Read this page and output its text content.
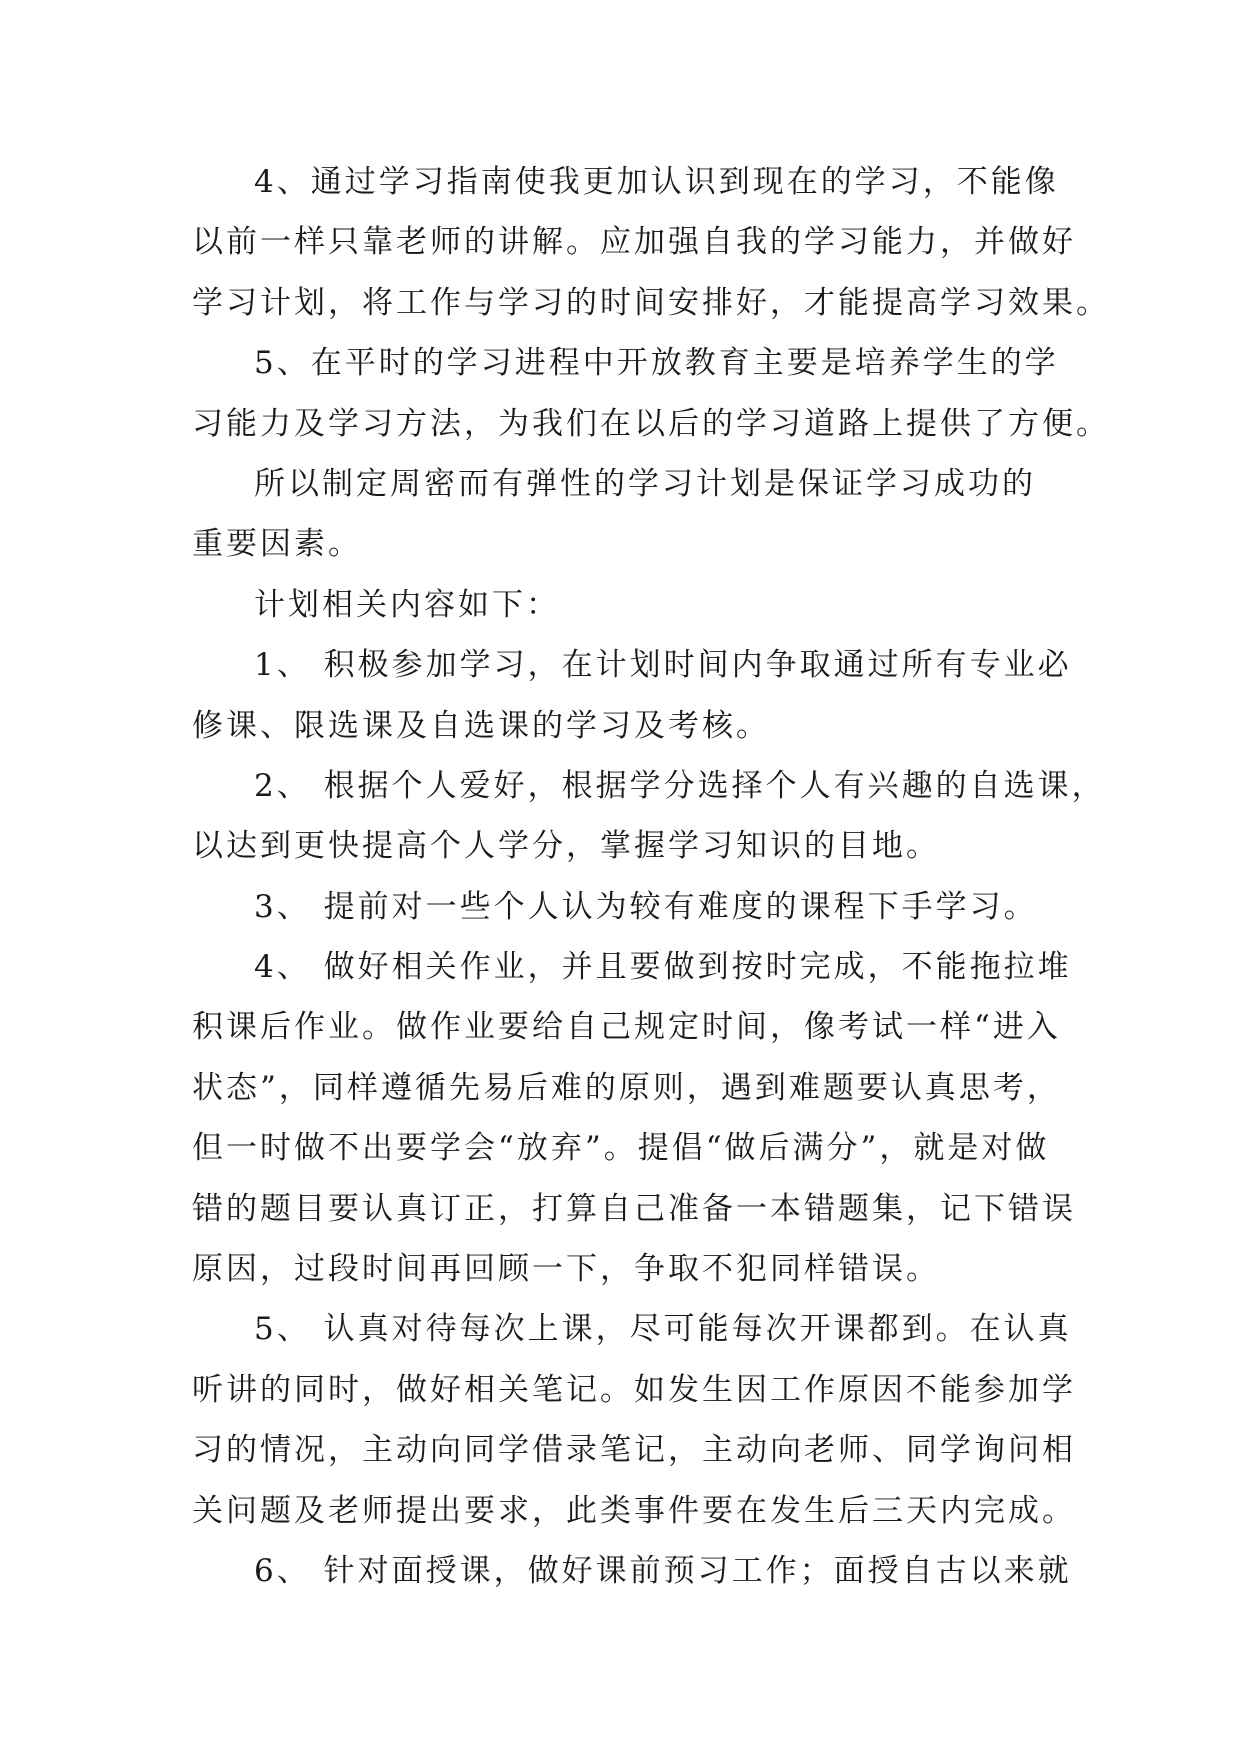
4、通过学习指南使我更加认识到现在的学习，不能像
以前一样只靠老师的讲解。应加强自我的学习能力，并做好
学习计划，将工作与学习的时间安排好，才能提高学习效果。
5、在平时的学习进程中开放教育主要是培养学生的学
习能力及学习方法，为我们在以后的学习道路上提供了方便。
所以制定周密而有弹性的学习计划是保证学习成功的
重要因素。
计划相关内容如下：
1、 积极参加学习，在计划时间内争取通过所有专业必
修课、限选课及自选课的学习及考核。
2、 根据个人爱好，根据学分选择个人有兴趣的自选课，
以达到更快提高个人学分，掌握学习知识的目地。
3、 提前对一些个人认为较有难度的课程下手学习。
4、 做好相关作业，并且要做到按时完成，不能拖拉堆
积课后作业。做作业要给自己规定时间，像考试一样“进入
状态”，同样遵循先易后难的原则，遇到难题要认真思考，
但一时做不出要学会“放弃”。提倡“做后满分”，就是对做
错的题目要认真订正，打算自己准备一本错题集，记下错误
原因，过段时间再回顾一下，争取不犯同样错误。
5、 认真对待每次上课，尽可能每次开课都到。在认真
听讲的同时，做好相关笔记。如发生因工作原因不能参加学
习的情况，主动向同学借录笔记，主动向老师、同学询问相
关问题及老师提出要求，此类事件要在发生后三天内完成。
6、 针对面授课，做好课前预习工作；面授自古以来就
